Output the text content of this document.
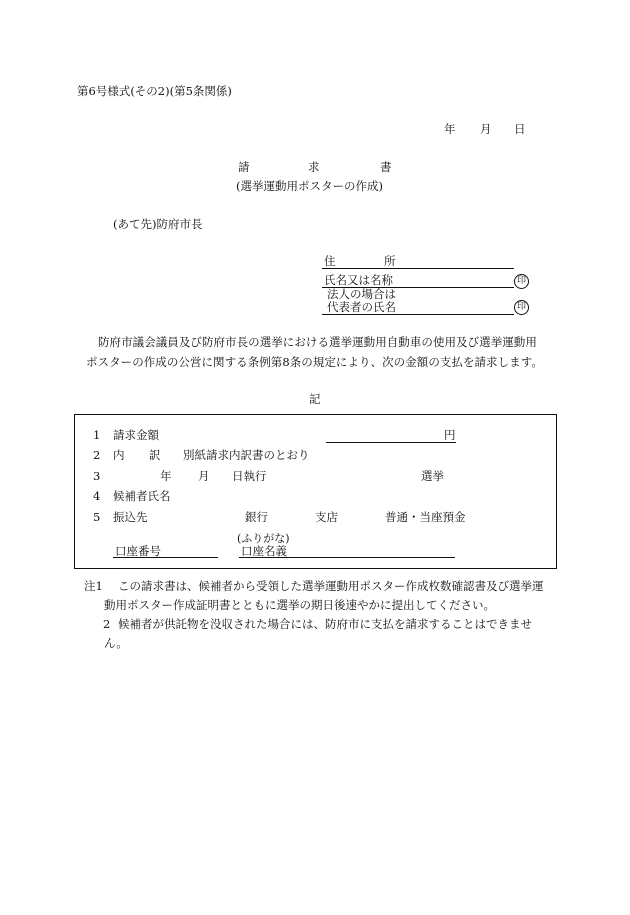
第6号様式(その2)(第5条関係)
年 月 日
請	求	書
(選挙運動用ポスターの作成)
(あて先)防府市長
住	所
氏名又は名称	印
法人の場合は
代表者の氏名	印
防府市議会議員及び防府市長の選挙における選挙運動用自動車の使用及び選挙運動用
ポスターの作成の公営に関する条例第8条の規定により、次の金額の支払を請求します。
記
1 請求金額	円
2 内 訳 別紙請求内訳書のとおり
3	年 月 日執行	選挙
4 候補者氏名
5 振込先	銀行	支店	普通・当座預金
(ふりがな)
口座番号	口座名義
注1 この請求書は、候補者から受領した選挙運動用ポスター作成枚数確認書及び選挙運
動用ポスター作成証明書とともに選挙の期日後速やかに提出してください。
2 候補者が供託物を没収された場合には、防府市に支払を請求することはできませ
ん。
